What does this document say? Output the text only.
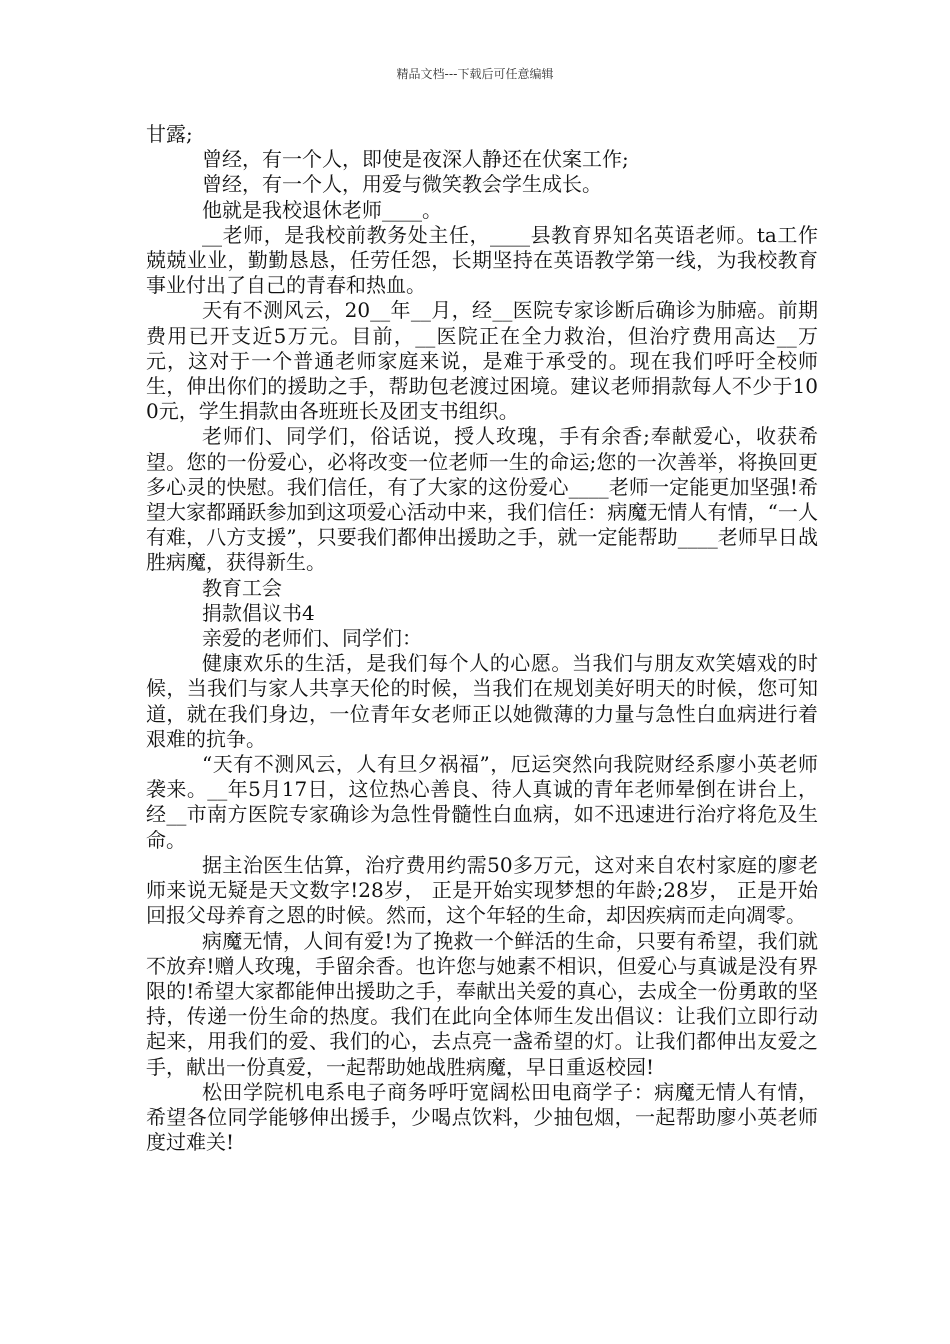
精品文档---下载后可任意编辑

甘露;

曾经，有一个人，即使是夜深人静还在伏案工作;

曾经，有一个人，用爱与微笑教会学生成长。

他就是我校退休老师____。

__老师，是我校前教务处主任，____县教育界知名英语老师。ta工作兢兢业业，勤勤恳恳，任劳任怨，长期坚持在英语教学第一线，为我校教育事业付出了自己的青春和热血。

天有不测风云，20__年__月，经__医院专家诊断后确诊为肺癌。前期费用已开支近5万元。目前，__医院正在全力救治，但治疗费用高达__万元，这对于一个普通老师家庭来说，是难于承受的。现在我们呼吁全校师生，伸出你们的援助之手，帮助包老渡过困境。建议老师捐款每人不少于100元，学生捐款由各班班长及团支书组织。

老师们、同学们，俗话说，授人玫瑰，手有余香;奉献爱心，收获希望。您的一份爱心，必将改变一位老师一生的命运;您的一次善举，将换回更多心灵的快慰。我们信任，有了大家的这份爱心____老师一定能更加坚强!希望大家都踊跃参加到这项爱心活动中来，我们信任：病魔无情人有情，“一人有难，八方支援”，只要我们都伸出援助之手，就一定能帮助____老师早日战胜病魔，获得新生。

教育工会

捐款倡议书4

亲爱的老师们、同学们：

健康欢乐的生活，是我们每个人的心愿。当我们与朋友欢笑嬉戏的时候，当我们与家人共享天伦的时候，当我们在规划美好明天的时候，您可知道，就在我们身边，一位青年女老师正以她微薄的力量与急性白血病进行着艰难的抗争。

“天有不测风云，人有旦夕祸福”，厄运突然向我院财经系廖小英老师袭来。__年5月17日，这位热心善良、待人真诚的青年老师晕倒在讲台上，经__市南方医院专家确诊为急性骨髓性白血病，如不迅速进行治疗将危及生命。

据主治医生估算，治疗费用约需50多万元，这对来自农村家庭的廖老师来说无疑是天文数字!28岁， 正是开始实现梦想的年龄;28岁， 正是开始回报父母养育之恩的时候。然而，这个年轻的生命，却因疾病而走向凋零。

病魔无情，人间有爱!为了挽救一个鲜活的生命，只要有希望，我们就不放弃!赠人玫瑰，手留余香。也许您与她素不相识，但爱心与真诚是没有界限的!希望大家都能伸出援助之手，奉献出关爱的真心，去成全一份勇敢的坚持，传递一份生命的热度。我们在此向全体师生发出倡议：让我们立即行动起来，用我们的爱、我们的心，去点亮一盏希望的灯。让我们都伸出友爱之手，献出一份真爱，一起帮助她战胜病魔，早日重返校园!

松田学院机电系电子商务呼吁宽阔松田电商学子：病魔无情人有情，希望各位同学能够伸出援手，少喝点饮料，少抽包烟，一起帮助廖小英老师度过难关!
